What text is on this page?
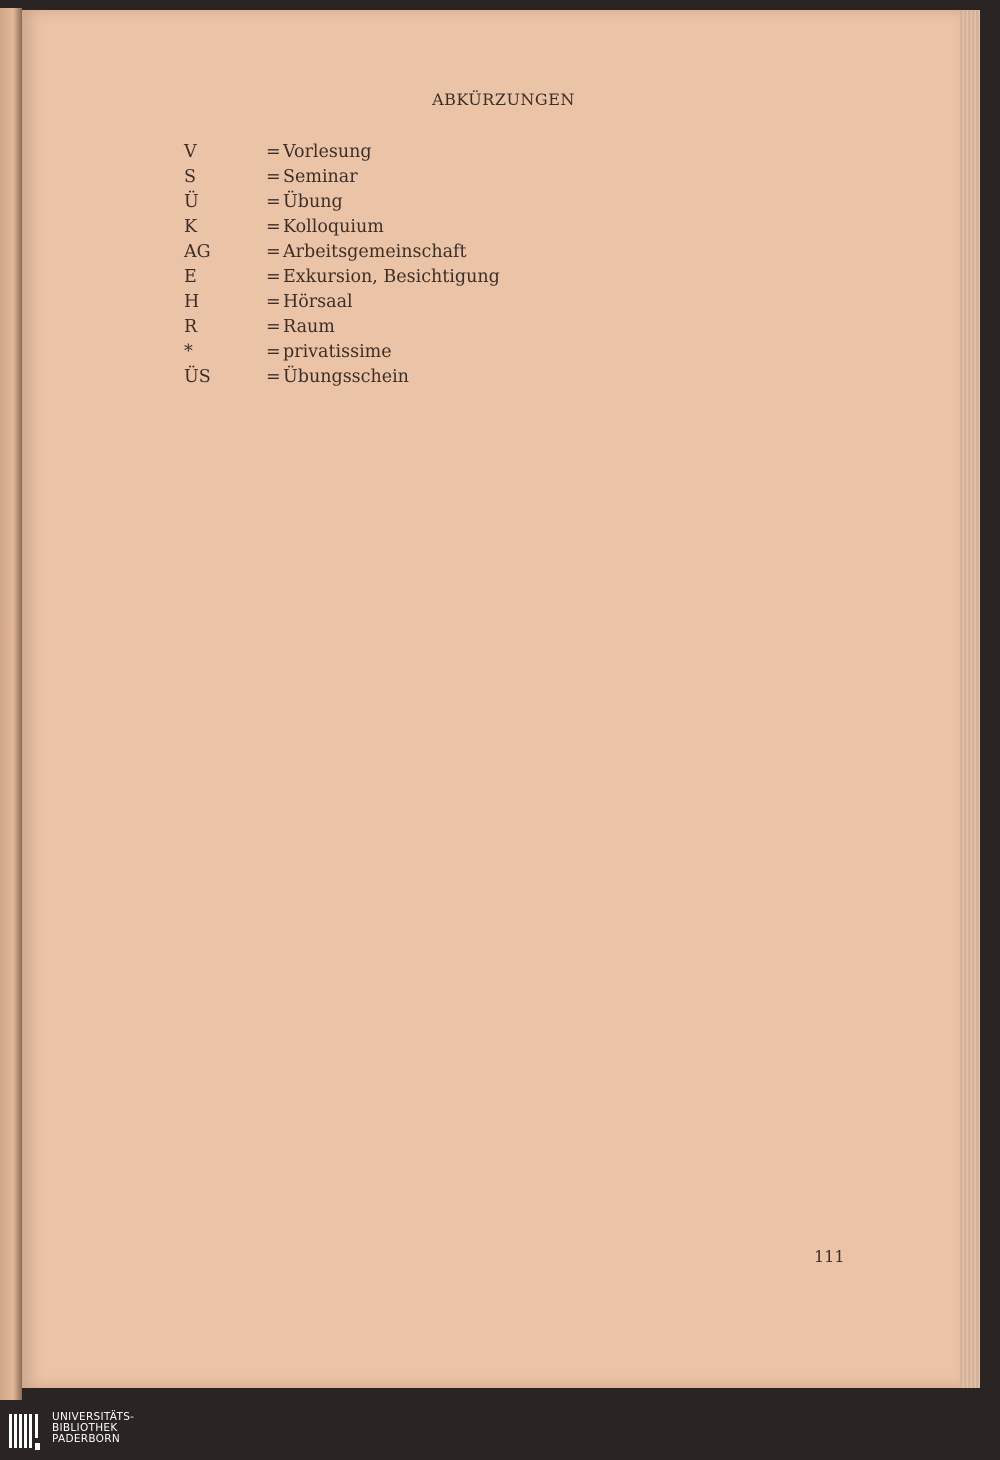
ABKÜRZUNGEN
V	= Vorlesung
S	= Seminar
Ü	= Übung
K	= Kolloquium
AG	= Arbeitsgemeinschaft
E	= Exkursion, Besichtigung
H	= Hörsaal
R	= Raum
*	= privatissime
ÜS	= Übungsschein
111
UNIVERSITÄTS-
BIBLIOTHEK
PADERBORN
